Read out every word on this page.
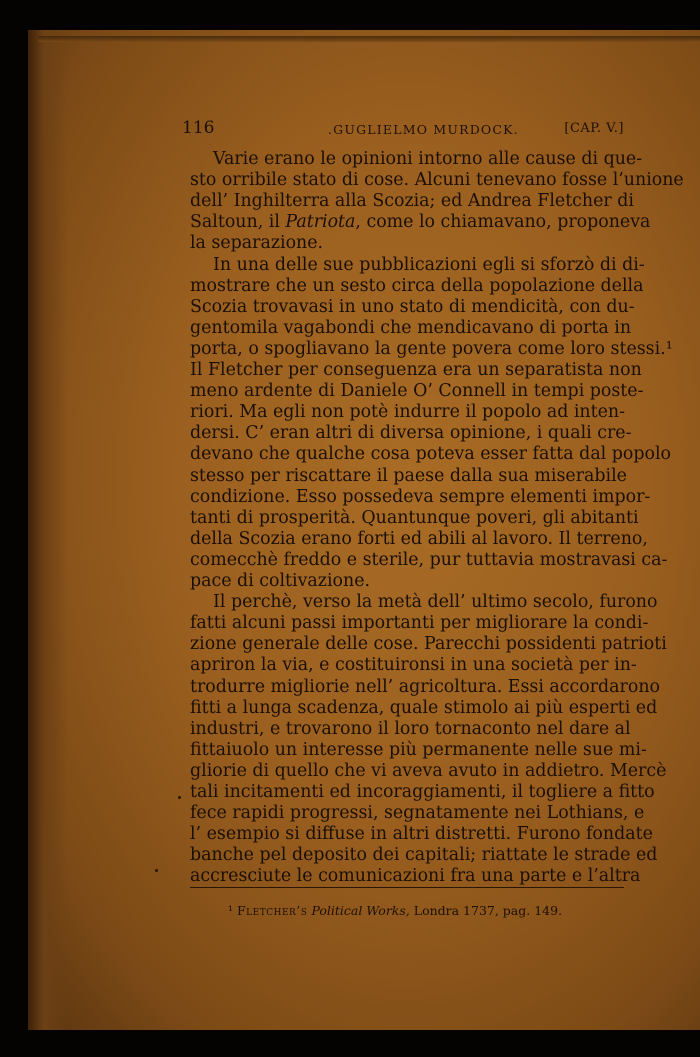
116	.GUGLIELMO MURDOCK.	[CAP. V.]
Varie erano le opinioni intorno alle cause di que-
sto orribile stato di cose. Alcuni tenevano fosse l’unione
dell’ Inghilterra alla Scozia; ed Andrea Fletcher di
Saltoun, il Patriota, come lo chiamavano, proponeva
la separazione.
In una delle sue pubblicazioni egli si sforzò di di-
mostrare che un sesto circa della popolazione della
Scozia trovavasi in uno stato di mendicità, con du-
gentomila vagabondi che mendicavano di porta in
porta, o spogliavano la gente povera come loro stessi.¹
Il Fletcher per conseguenza era un separatista non
meno ardente di Daniele O’ Connell in tempi poste-
riori. Ma egli non potè indurre il popolo ad inten-
dersi. C’ eran altri di diversa opinione, i quali cre-
devano che qualche cosa poteva esser fatta dal popolo
stesso per riscattare il paese dalla sua miserabile
condizione. Esso possedeva sempre elementi impor-
tanti di prosperità. Quantunque poveri, gli abitanti
della Scozia erano forti ed abili al lavoro. Il terreno,
comecchè freddo e sterile, pur tuttavia mostravasi ca-
pace di coltivazione.
Il perchè, verso la metà dell’ ultimo secolo, furono
fatti alcuni passi importanti per migliorare la condi-
zione generale delle cose. Parecchi possidenti patrioti
apriron la via, e costituironsi in una società per in-
trodurre migliorie nell’ agricoltura. Essi accordarono
fitti a lunga scadenza, quale stimolo ai più esperti ed
industri, e trovarono il loro tornaconto nel dare al
fittaiuolo un interesse più permanente nelle sue mi-
gliorie di quello che vi aveva avuto in addietro. Mercè
tali incitamenti ed incoraggiamenti, il togliere a fitto
fece rapidi progressi, segnatamente nei Lothians, e
l’ esempio si diffuse in altri distretti. Furono fondate
banche pel deposito dei capitali; riattate le strade ed
accresciute le comunicazioni fra una parte e l’altra
¹ Fletcher’s Political Works, Londra 1737, pag. 149.
